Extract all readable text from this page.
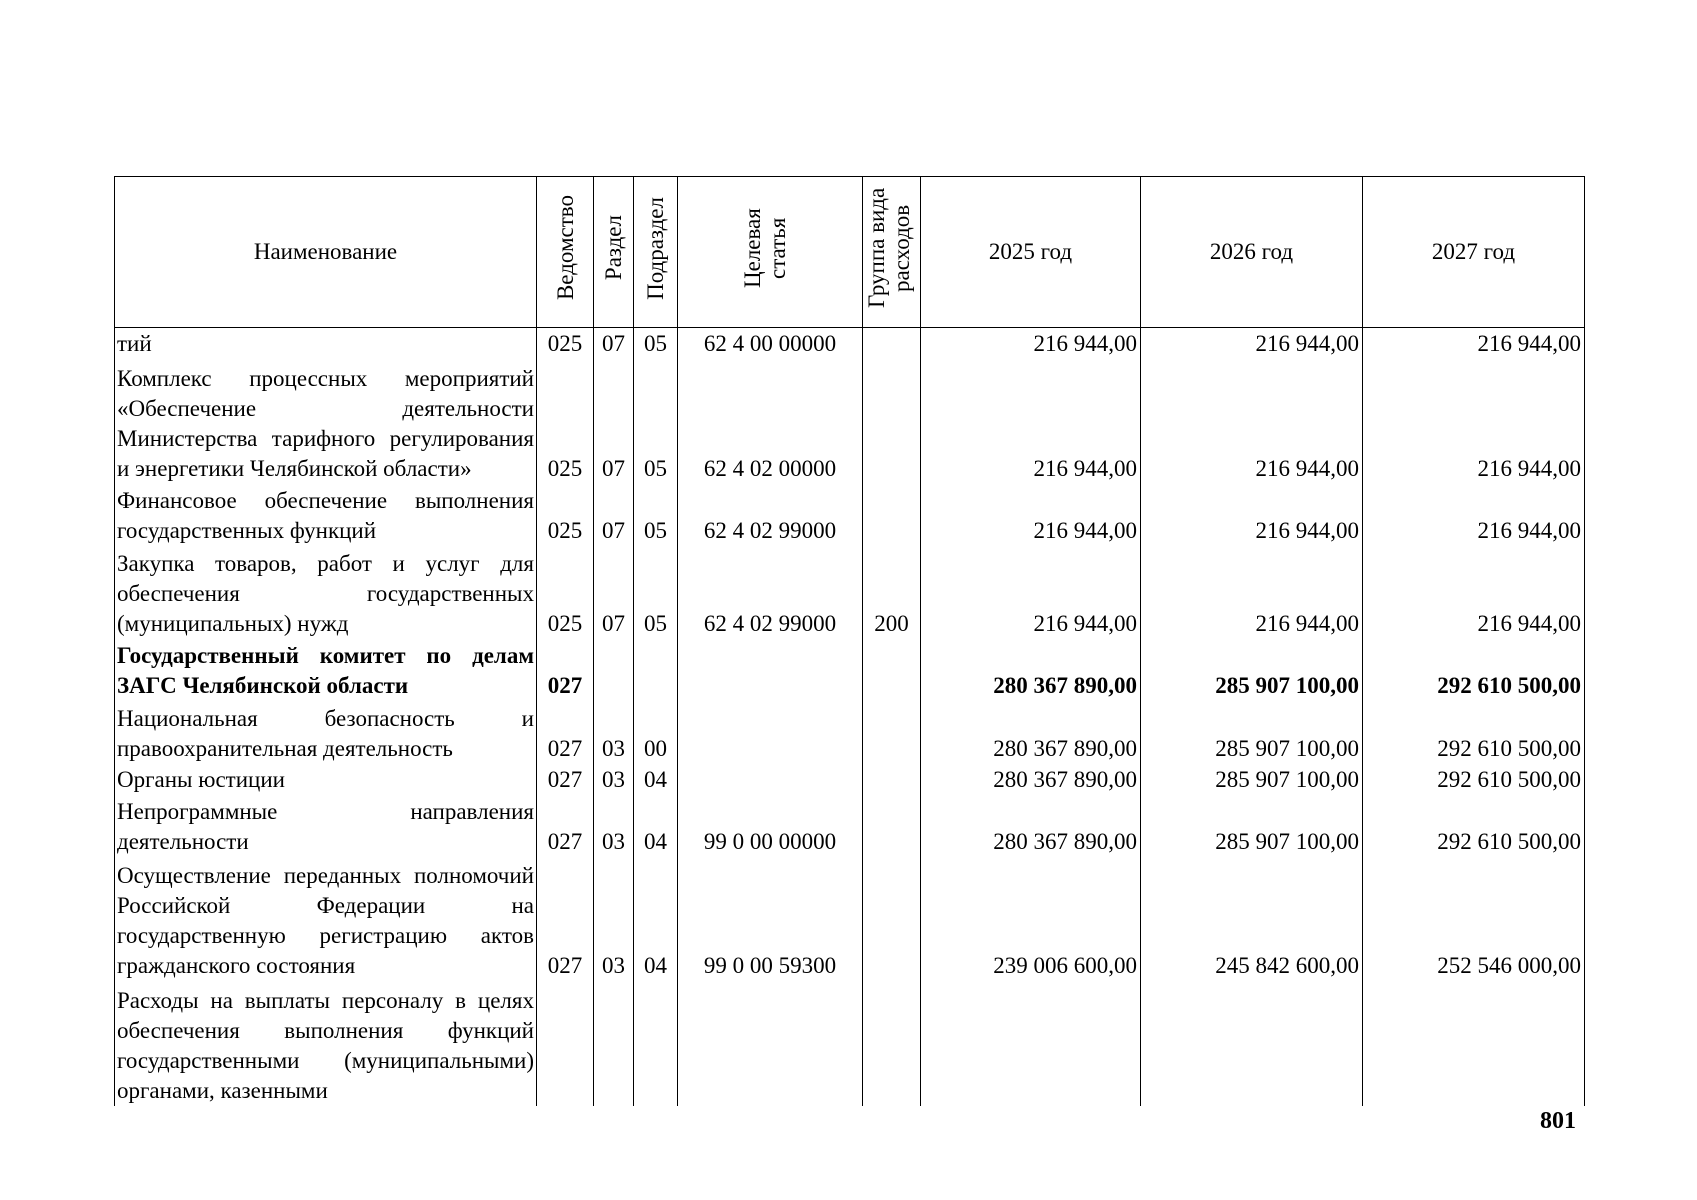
Наименование	Ведомство	Раздел	Подраздел	Целевая статья	Группа вида расходов	2025 год	2026 год	2027 год
тий	025	07	05	62 4 00 00000		216 944,00	216 944,00	216 944,00
Комплекс процессных мероприятий «Обеспечение деятельности Министерства тарифного регулирования и энергетики Челябинской области»	025	07	05	62 4 02 00000		216 944,00	216 944,00	216 944,00
Финансовое обеспечение выполнения государственных функций	025	07	05	62 4 02 99000		216 944,00	216 944,00	216 944,00
Закупка товаров, работ и услуг для обеспечения государственных (муниципальных) нужд	025	07	05	62 4 02 99000	200	216 944,00	216 944,00	216 944,00
Государственный комитет по делам ЗАГС Челябинской области	027					280 367 890,00	285 907 100,00	292 610 500,00
Национальная безопасность и правоохранительная деятельность	027	03	00			280 367 890,00	285 907 100,00	292 610 500,00
Органы юстиции	027	03	04			280 367 890,00	285 907 100,00	292 610 500,00
Непрограммные направления деятельности	027	03	04	99 0 00 00000		280 367 890,00	285 907 100,00	292 610 500,00
Осуществление переданных полномочий Российской Федерации на государственную регистрацию актов гражданского состояния	027	03	04	99 0 00 59300		239 006 600,00	245 842 600,00	252 546 000,00
Расходы на выплаты персоналу в целях обеспечения выполнения функций государственными (муниципальными) органами, казенными								
801
